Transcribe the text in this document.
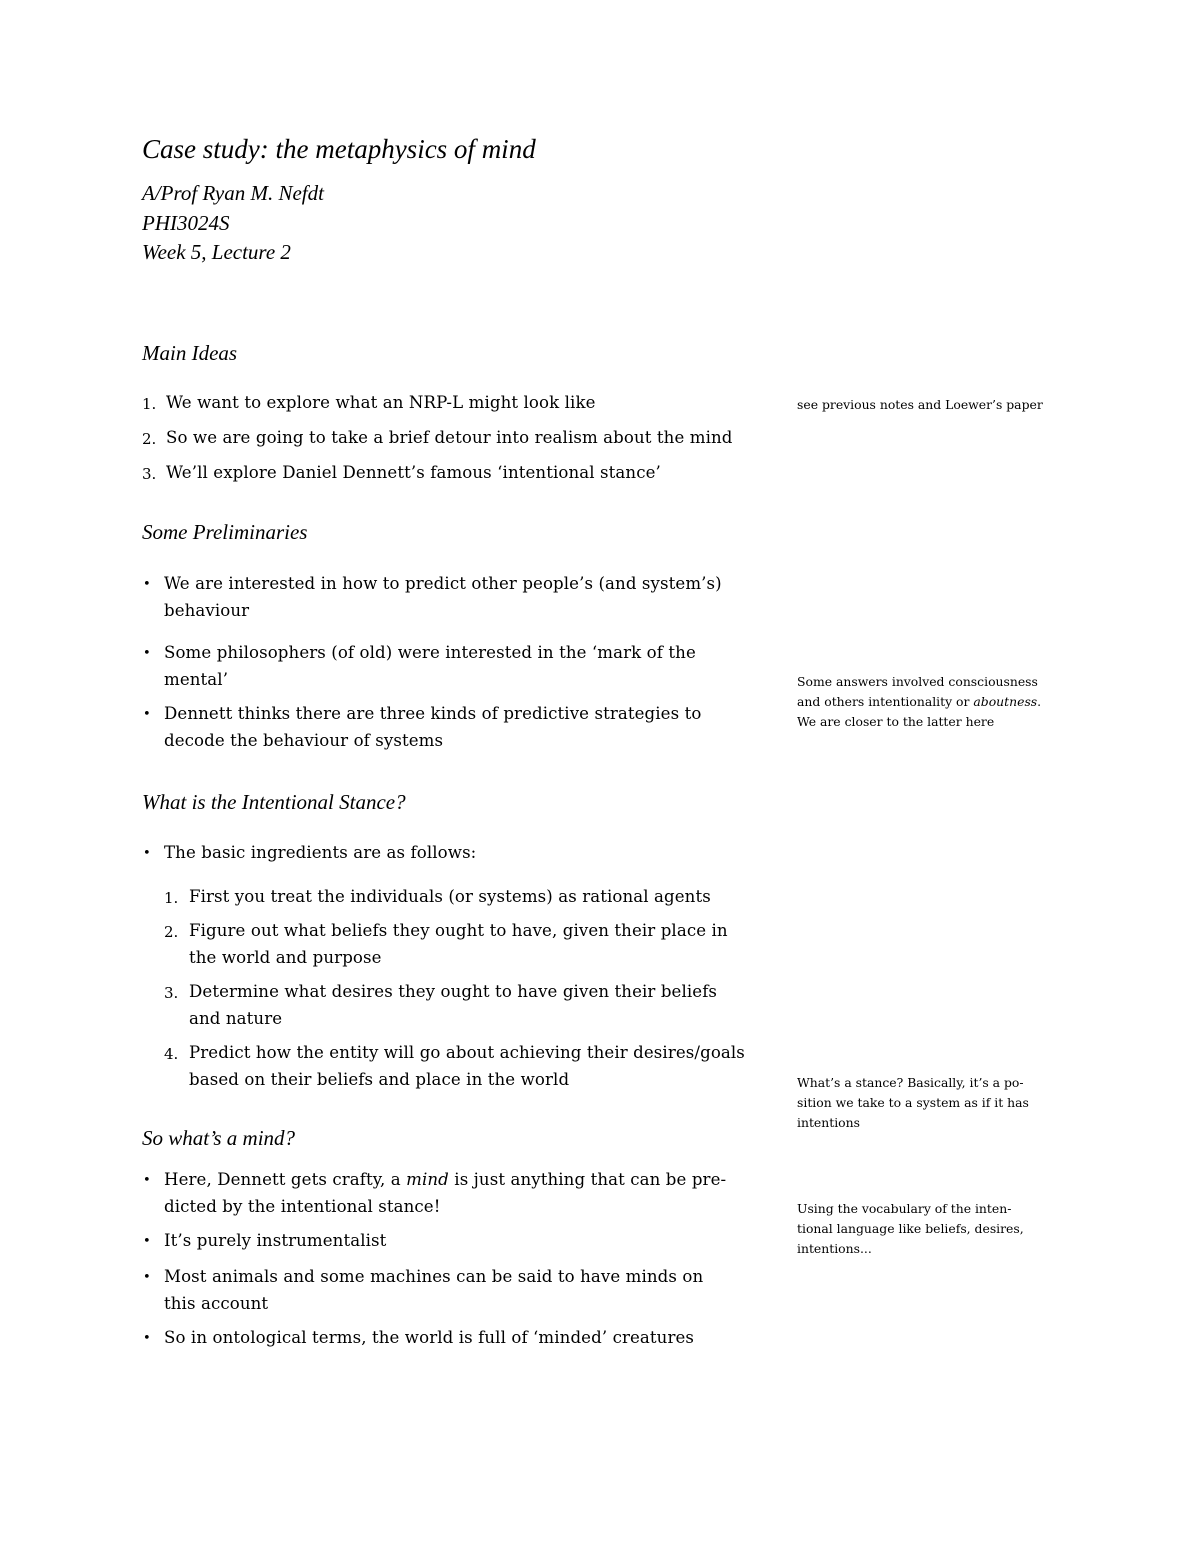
Case study: the metaphysics of mind
A/Prof Ryan M. Nefdt
PHI3024S
Week 5, Lecture 2
Main Ideas
1. We want to explore what an NRP-L might look like
2. So we are going to take a brief detour into realism about the mind
3. We’ll explore Daniel Dennett’s famous ‘intentional stance’
Some Preliminaries
• We are interested in how to predict other people’s (and system’s)
behaviour
• Some philosophers (of old) were interested in the ‘mark of the
mental’
• Dennett thinks there are three kinds of predictive strategies to
decode the behaviour of systems
What is the Intentional Stance?
• The basic ingredients are as follows:
1. First you treat the individuals (or systems) as rational agents
2. Figure out what beliefs they ought to have, given their place in
the world and purpose
3. Determine what desires they ought to have given their beliefs
and nature
4. Predict how the entity will go about achieving their desires/goals
based on their beliefs and place in the world
So what’s a mind?
• Here, Dennett gets crafty, a mind is just anything that can be pre-
dicted by the intentional stance!
• It’s purely instrumentalist
• Most animals and some machines can be said to have minds on
this account
• So in ontological terms, the world is full of ‘minded’ creatures
see previous notes and Loewer’s paper
Some answers involved consciousness
and others intentionality or aboutness.
We are closer to the latter here
What’s a stance? Basically, it’s a po-
sition we take to a system as if it has
intentions
Using the vocabulary of the inten-
tional language like beliefs, desires,
intentions...
